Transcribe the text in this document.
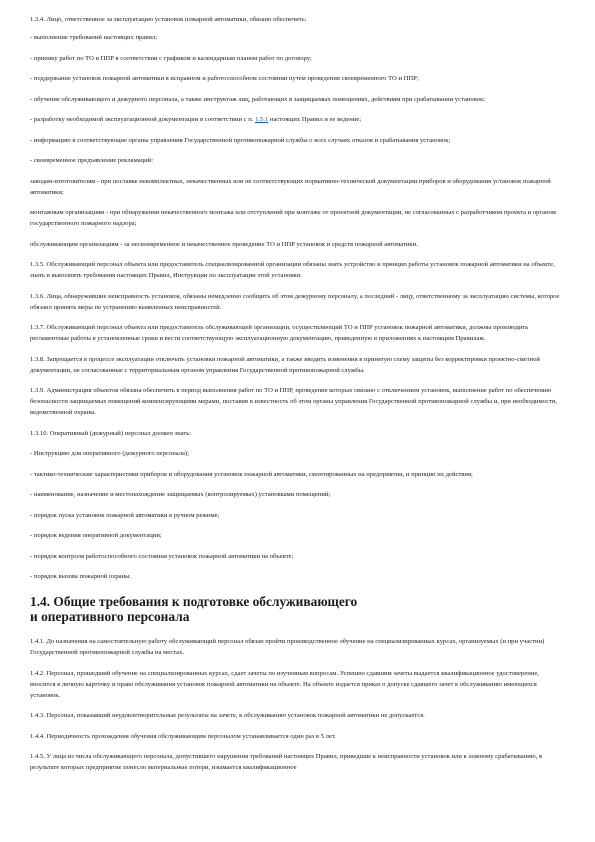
1.3.4. Лицо, ответственное за эксплуатацию установок пожарной автоматики, обязано обеспечить:

- выполнение требований настоящих правил;

- приемку работ по ТО и ППР в соответствии с графиком и календарным планом работ по договору;

- поддержание установок пожарной автоматики в исправном и работоспособном состоянии путем проведения своевременного ТО и ППР;

- обучение обслуживающего и дежурного персонала, а также инструктаж лиц, работающих в защищаемых помещениях, действиям при срабатывании установок;

- разработку необходимой эксплуатационной документации в соответствии с п. 1.5.1 настоящих Правил и ее ведение;

- информацию в соответствующие органы управления Государственной противопожарной службы о всех случаях отказов и срабатывания установок;

- своевременное предъявление рекламаций:

заводам-изготовителям - при поставке некомплектных, некачественных или не соответствующих нормативно-технической документации приборов и оборудования установок пожарной автоматики;

монтажным организациям - при обнаружении некачественного монтажа или отступлений при монтаже от проектной документации, не согласованных с разработчиком проекта и органом государственного пожарного надзора;

обслуживающим организациям - за несвоевременное и некачественное проведение ТО и ППР установок и средств пожарной автоматики.

1.3.5. Обслуживающий персонал объекта или предоставитель специализированной организации обязаны знать устройство и принцип работы установок пожарной автоматики на объекте, знать и выполнять требования настоящих Правил, Инструкции по эксплуатации этой установки.

1.3.6. Лица, обнаружившие неисправность установок, обязаны немедленно сообщить об этом дежурному персоналу, а последний - лицу, ответственному за эксплуатацию системы, которое обязано принять меры по устранению выявленных неисправностей.

1.3.7. Обслуживающий персонал объекта или предоставитель обслуживающей организации, осуществляющий ТО и ППР установок пожарной автоматики, должны производить регламентные работы в установленные сроки и вести соответствующую эксплуатационную документацию, приведенную в приложениях к настоящим Правилам.

1.3.8. Запрещается в процессе эксплуатации отключать установки пожарной автоматики, а также вводить изменения в принятую схему защиты без корректировки проектно-сметной документации, не согласованные с территориальным органом управления Государственной противопожарной службы.

1.3.9. Администрация объектов обязана обеспечить в период выполнения работ по ТО и ППР, проведение которых связано с отключением установок, выполнение работ по обеспечению безопасности защищаемых помещений компенсирующими мерами, поставив в известность об этом органы управления Государственной противопожарной службы и, при необходимости, ведомственной охраны.

1.3.10. Оперативный (дежурный) персонал должен знать:

- Инструкцию для оперативного (дежурного персонала);

- тактико-технические характеристики приборов и оборудования установок пожарной автоматики, смонтированных на предприятии, и принцип их действия;

- наименование, назначение и местонахождение защищаемых (контролируемых) установками помещений;

- порядок пуска установок пожарной автоматики в ручном режиме;

- порядок ведения оперативной документации;

- порядок контроля работоспособного состояния установок пожарной автоматики на объекте;

- порядок вызова пожарной охраны.

1.4. Общие требования к подготовке обслуживающего
и оперативного персонала

1.4.1. До назначения на самостоятельную работу обслуживающий персонал обязан пройти производственное обучение на специализированных курсах, организуемых (и при участии) Государственной противопожарной службы на местах.

1.4.2. Персонал, прошедший обучение на специализированных курсах, сдает зачеты по изученным вопросам. Успешно сдавшим зачеты выдается квалификационное удостоверение, вносится в личную карточку и право обслуживания установок пожарной автоматики на объекте. На объекте издается приказ о допуске сдавшего зачет к обслуживанию имеющихся установок.

1.4.3. Персонал, показавший неудовлетворительные результаты на зачете, к обслуживанию установок пожарной автоматики не допускается.

1.4.4. Периодичность прохождения обучения обслуживающим персоналом устанавливается один раз в 5 лет.

1.4.5. У лица из числа обслуживающего персонала, допустившего нарушения требований настоящих Правил, приведшие к неисправности установок или к ложному срабатыванию, в результате которых предприятие понесло материальные потери, изымается квалификационное
